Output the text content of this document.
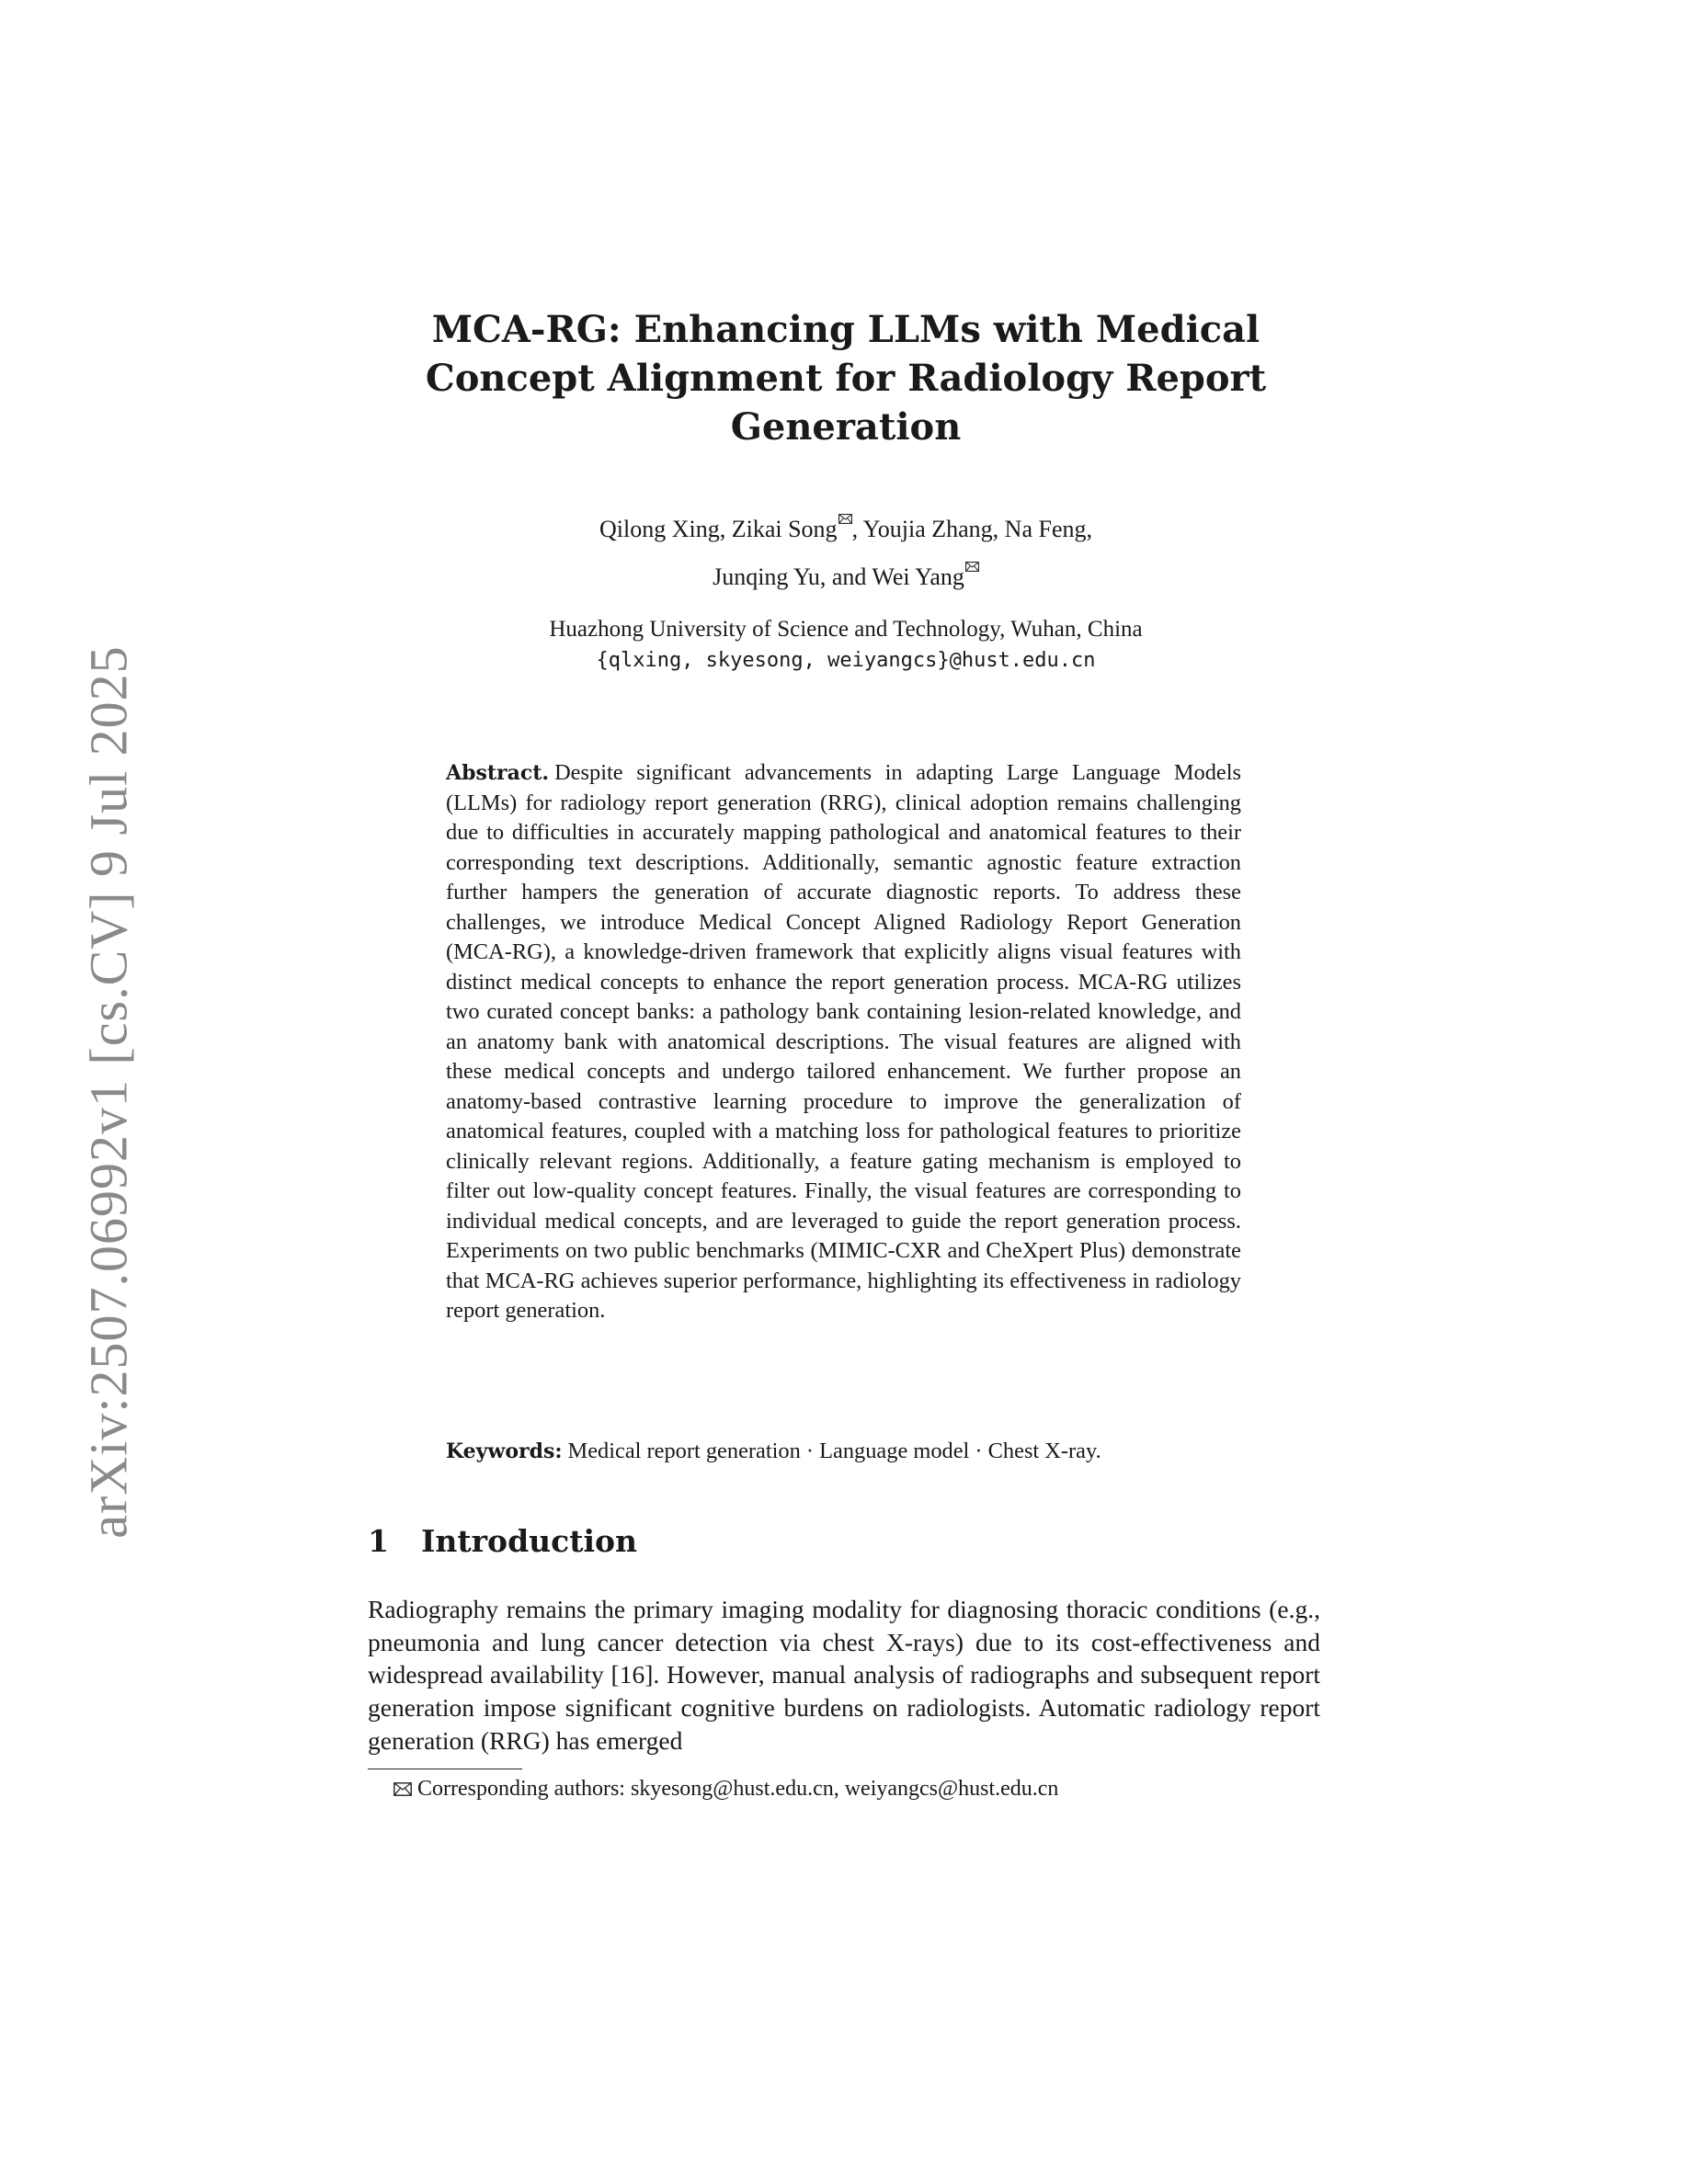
arXiv:2507.06992v1 [cs.CV] 9 Jul 2025
MCA-RG: Enhancing LLMs with Medical Concept Alignment for Radiology Report Generation
Qilong Xing, Zikai Song , Youjia Zhang, Na Feng,
Junqing Yu, and Wei Yang
Huazhong University of Science and Technology, Wuhan, China
{qlxing, skyesong, weiyangcs}@hust.edu.cn

Abstract. Despite significant advancements in adapting Large Language Models (LLMs) for radiology report generation (RRG), clinical adoption remains challenging due to difficulties in accurately mapping pathological and anatomical features to their corresponding text descriptions. Additionally, semantic agnostic feature extraction further hampers the generation of accurate diagnostic reports. To address these challenges, we introduce Medical Concept Aligned Radiology Report Generation (MCA-RG), a knowledge-driven framework that explicitly aligns visual features with distinct medical concepts to enhance the report generation process. MCA-RG utilizes two curated concept banks: a pathology bank containing lesion-related knowledge, and an anatomy bank with anatomical descriptions. The visual features are aligned with these medical concepts and undergo tailored enhancement. We further propose an anatomy-based contrastive learning procedure to improve the generalization of anatomical features, coupled with a matching loss for pathological features to prioritize clinically relevant regions. Additionally, a feature gating mechanism is employed to filter out low-quality concept features. Finally, the visual features are corresponding to individual medical concepts, and are leveraged to guide the report generation process. Experiments on two public benchmarks (MIMIC-CXR and CheXpert Plus) demonstrate that MCA-RG achieves superior performance, highlighting its effectiveness in radiology report generation.

Keywords: Medical report generation · Language model · Chest X-ray.

1 Introduction

Radiography remains the primary imaging modality for diagnosing thoracic conditions (e.g., pneumonia and lung cancer detection via chest X-rays) due to its cost-effectiveness and widespread availability [16]. However, manual analysis of radiographs and subsequent report generation impose significant cognitive burdens on radiologists. Automatic radiology report generation (RRG) has emerged

Corresponding authors: skyesong@hust.edu.cn, weiyangcs@hust.edu.cn
